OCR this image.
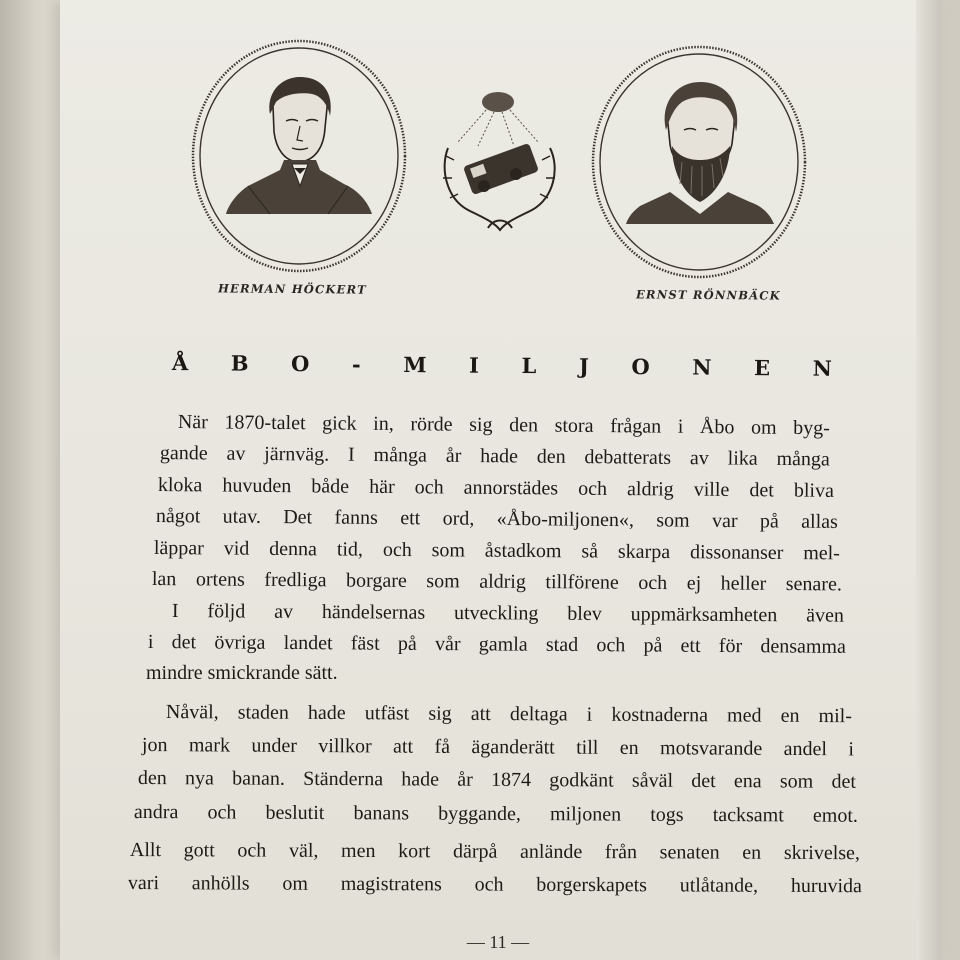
HERMAN HÖCKERT	ERNST RÖNNBÄCK
Å B O - M I L J O N E N
När 1870-talet gick in, rörde sig den stora frågan i Åbo om byg-
gande av järnväg. I många år hade den debatterats av lika många
kloka huvuden både här och annorstädes och aldrig ville det bliva
något utav. Det fanns ett ord, «Åbo-miljonen«, som var på allas
läppar vid denna tid, och som åstadkom så skarpa dissonanser mel-
lan ortens fredliga borgare som aldrig tillförene och ej heller senare.
I följd av händelsernas utveckling blev uppmärksamheten även
i det övriga landet fäst på vår gamla stad och på ett för densamma
mindre smickrande sätt.
Nåväl, staden hade utfäst sig att deltaga i kostnaderna med en mil-
jon mark under villkor att få äganderätt till en motsvarande andel i
den nya banan. Ständerna hade år 1874 godkänt såväl det ena som det
andra och beslutit banans byggande, miljonen togs tacksamt emot.
Allt gott och väl, men kort därpå anlände från senaten en skrivelse,
vari anhölls om magistratens och borgerskapets utlåtande, huruvida
— 11 —
